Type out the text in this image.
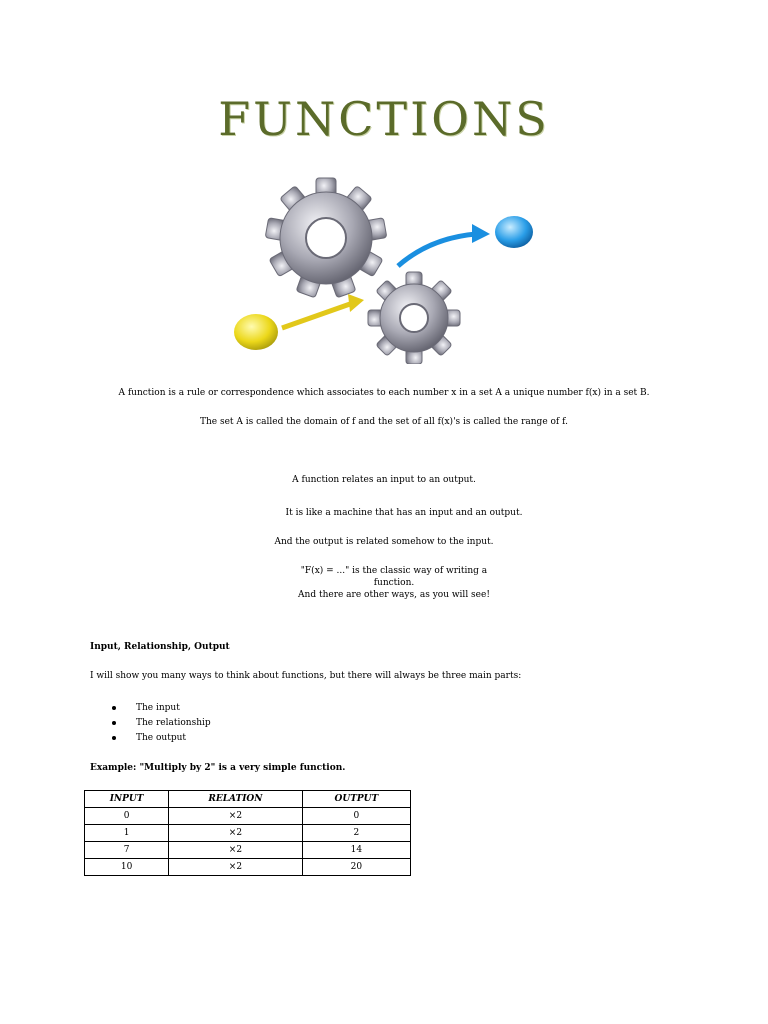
FUNCTIONS
A function is a rule or correspondence which associates to each number x in a set A a unique number f(x) in a set B.
The set A is called the domain of f and the set of all f(x)'s is called the range of f.
A function relates an input to an output.
It is like a machine that has an input and an output.
And the output is related somehow to the input.
"F(x) = ..." is the classic way of writing a
function.
And there are other ways, as you will see!
Input, Relationship, Output
I will show you many ways to think about functions, but there will always be three main parts:
The input
The relationship
The output
Example: "Multiply by 2" is a very simple function.
INPUT	RELATION	OUTPUT
0	×2	0
1	×2	2
7	×2	14
10	×2	20
